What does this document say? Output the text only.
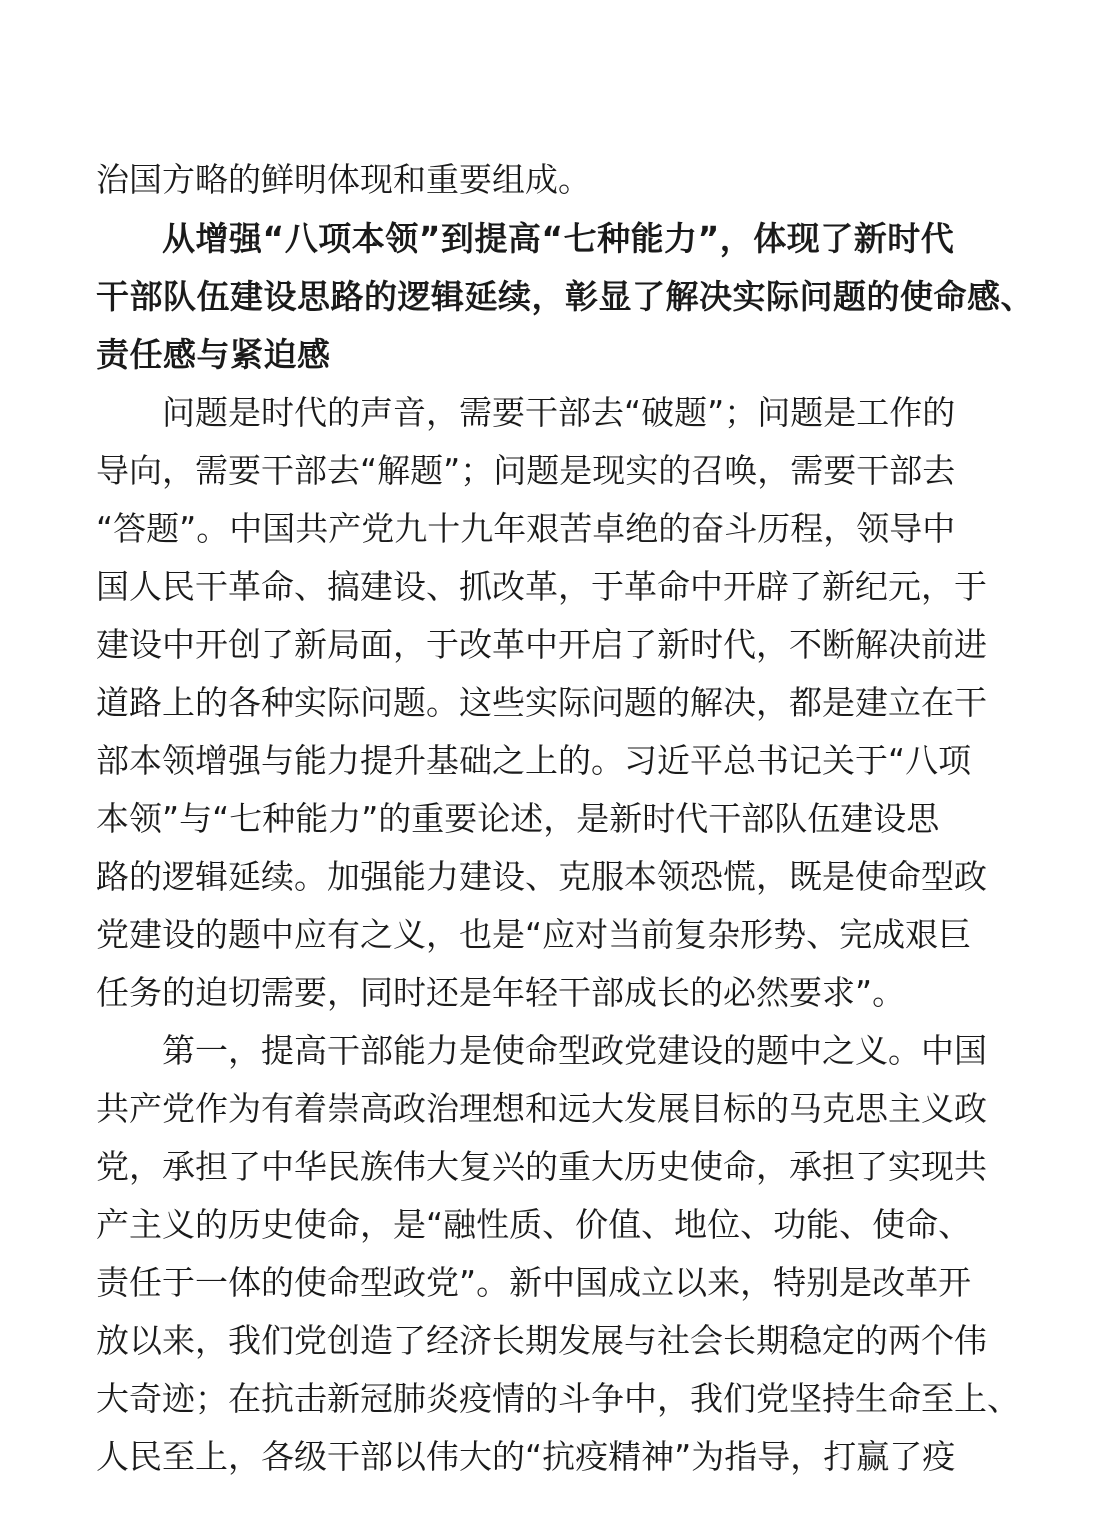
治国方略的鲜明体现和重要组成。
从增强“八项本领”到提高“七种能力”，体现了新时代
干部队伍建设思路的逻辑延续，彰显了解决实际问题的使命感、
责任感与紧迫感
问题是时代的声音，需要干部去“破题”；问题是工作的
导向，需要干部去“解题”；问题是现实的召唤，需要干部去
“答题”。中国共产党九十九年艰苦卓绝的奋斗历程，领导中
国人民干革命、搞建设、抓改革，于革命中开辟了新纪元，于
建设中开创了新局面，于改革中开启了新时代，不断解决前进
道路上的各种实际问题。这些实际问题的解决，都是建立在干
部本领增强与能力提升基础之上的。习近平总书记关于“八项
本领”与“七种能力”的重要论述，是新时代干部队伍建设思
路的逻辑延续。加强能力建设、克服本领恐慌，既是使命型政
党建设的题中应有之义，也是“应对当前复杂形势、完成艰巨
任务的迫切需要，同时还是年轻干部成长的必然要求”。
第一，提高干部能力是使命型政党建设的题中之义。中国
共产党作为有着崇高政治理想和远大发展目标的马克思主义政
党，承担了中华民族伟大复兴的重大历史使命，承担了实现共
产主义的历史使命，是“融性质、价值、地位、功能、使命、
责任于一体的使命型政党”。新中国成立以来，特别是改革开
放以来，我们党创造了经济长期发展与社会长期稳定的两个伟
大奇迹；在抗击新冠肺炎疫情的斗争中，我们党坚持生命至上、
人民至上，各级干部以伟大的“抗疫精神”为指导，打赢了疫
